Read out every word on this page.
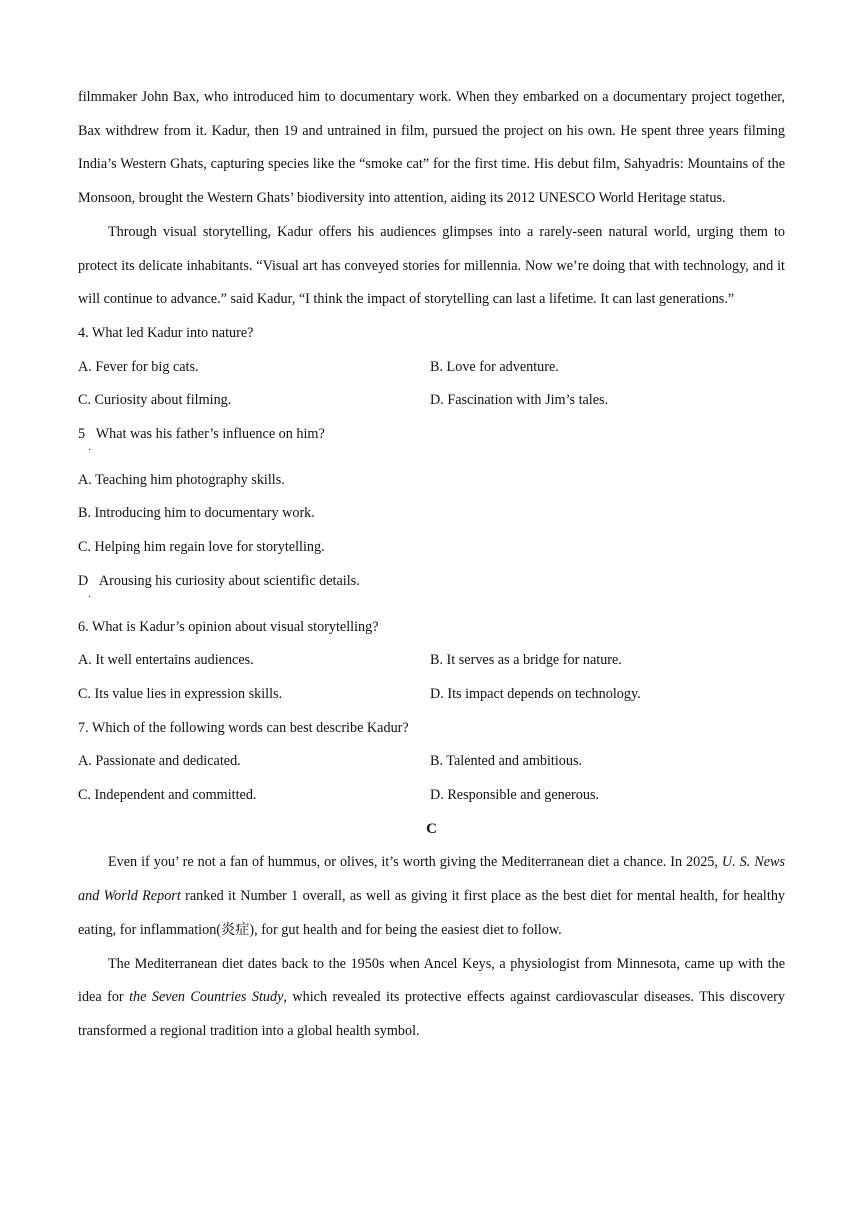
filmmaker John Bax, who introduced him to documentary work. When they embarked on a documentary project together, Bax withdrew from it. Kadur, then 19 and untrained in film, pursued the project on his own. He spent three years filming India’s Western Ghats, capturing species like the “smoke cat” for the first time. His debut film, Sahyadris: Mountains of the Monsoon, brought the Western Ghats’ biodiversity into attention, aiding its 2012 UNESCO World Heritage status.

Through visual storytelling, Kadur offers his audiences glimpses into a rarely-seen natural world, urging them to protect its delicate inhabitants. “Visual art has conveyed stories for millennia. Now we’re doing that with technology, and it will continue to advance.” said Kadur, “I think the impact of storytelling can last a lifetime. It can last generations.”

4. What led Kadur into nature?

A. Fever for big cats.	B. Love for adventure.
C. Curiosity about filming.	D. Fascination with Jim’s tales.

5
·
What was his father’s influence on him?

A. Teaching him photography skills.

B. Introducing him to documentary work.

C. Helping him regain love for storytelling.

D
·
Arousing his curiosity about scientific details.

6. What is Kadur’s opinion about visual storytelling?

A. It well entertains audiences.	B. It serves as a bridge for nature.
C. Its value lies in expression skills.	D. Its impact depends on technology.

7. Which of the following words can best describe Kadur?

A. Passionate and dedicated.	B. Talented and ambitious.
C. Independent and committed.	D. Responsible and generous.

C

Even if you’ re not a fan of hummus, or olives, it’s worth giving the Mediterranean diet a chance. In 2025, U. S. News and World Report ranked it Number 1 overall, as well as giving it first place as the best diet for mental health, for healthy eating, for inflammation(炎症), for gut health and for being the easiest diet to follow.

The Mediterranean diet dates back to the 1950s when Ancel Keys, a physiologist from Minnesota, came up with the idea for the Seven Countries Study, which revealed its protective effects against cardiovascular diseases. This discovery transformed a regional tradition into a global health symbol.
